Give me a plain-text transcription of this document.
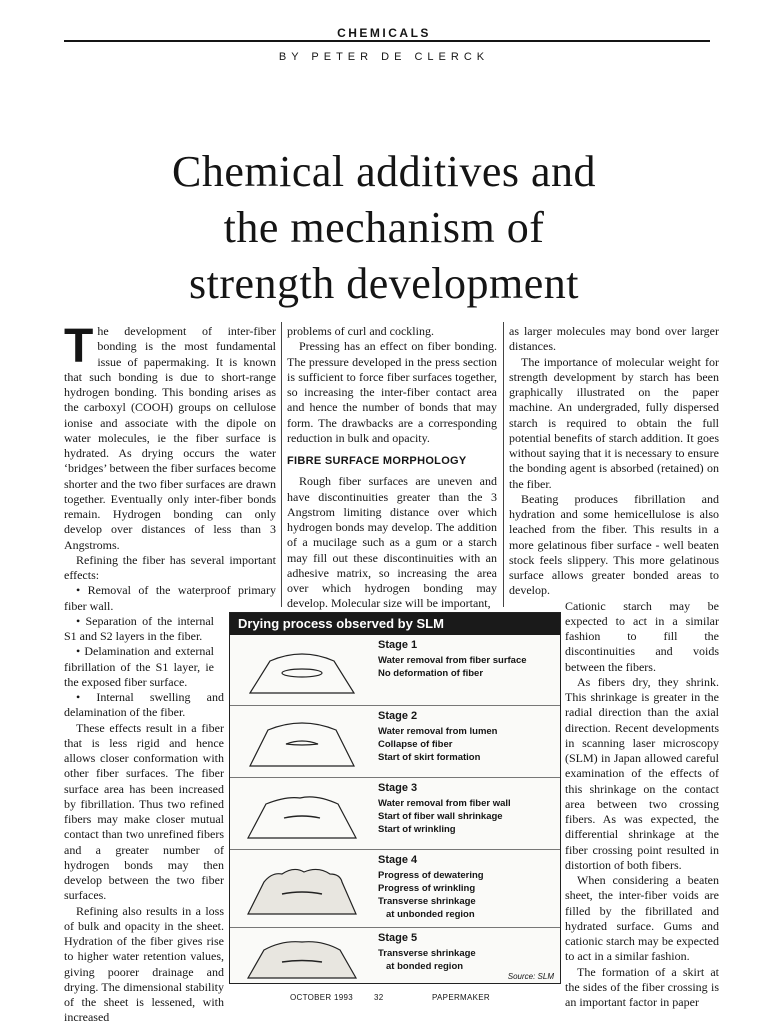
CHEMICALS
BY PETER DE CLERCK

Chemical additives and

the mechanism of

strength development

The development of inter-fiber bonding is the most fundamental issue of papermaking. It is known that such bonding is due to short-range hydrogen bonding. This bonding arises as the carboxyl (COOH) groups on cellulose ionise and associate with the dipole on water molecules, ie the fiber surface is hydrated. As drying occurs the water ‘bridges’ between the fiber surfaces become shorter and the two fiber surfaces are drawn together. Eventually only inter-fiber bonds remain. Hydrogen bonding can only develop over distances of less than 3 Angstroms.

Refining the fiber has several important effects:

• Removal of the waterproof primary fiber wall.

• Separation of the internal S1 and S2 layers in the fiber.

• Delamination and external fibrillation of the S1 layer, ie the exposed fiber surface.

• Internal swelling and delamination of the fiber.

These effects result in a fiber that is less rigid and hence allows closer conformation with other fiber surfaces. The fiber surface area has been increased by fibrillation. Thus two refined fibers may make closer mutual contact than two unrefined fibers and a greater number of hydrogen bonds may then develop between the two fiber surfaces.

Refining also results in a loss of bulk and opacity in the sheet. Hydration of the fiber gives rise to higher water retention values, giving poorer drainage and drying. The dimensional stability of the sheet is lessened, with increased

problems of curl and cockling.

Pressing has an effect on fiber bonding. The pressure developed in the press section is sufficient to force fiber surfaces together, so increasing the inter-fiber contact area and hence the number of bonds that may form. The drawbacks are a corresponding reduction in bulk and opacity.

FIBRE SURFACE MORPHOLOGY

Rough fiber surfaces are uneven and have discontinuities greater than the 3 Angstrom limiting distance over which hydrogen bonds may develop. The addition of a mucilage such as a gum or a starch may fill out these discontinuities with an adhesive matrix, so increasing the area over which hydrogen bonding may develop. Molecular size will be important,

as larger molecules may bond over larger distances.

The importance of molecular weight for strength development by starch has been graphically illustrated on the paper machine. An undergraded, fully dispersed starch is required to obtain the full potential benefits of starch addition. It goes without saying that it is necessary to ensure the bonding agent is absorbed (retained) on the fiber.

Beating produces fibrillation and hydration and some hemicellulose is also leached from the fiber. This results in a more gelatinous fiber surface - well beaten stock feels slippery. This more gelatinous surface allows greater bonded areas to develop.

Cationic starch may be expected to act in a similar fashion to fill the discontinuities and voids between the fibers.

As fibers dry, they shrink. This shrinkage is greater in the radial direction than the axial direction. Recent developments in scanning laser microscopy (SLM) in Japan allowed careful examination of the effects of this shrinkage on the contact area between two crossing fibers. As was expected, the differential shrinkage at the fiber crossing point resulted in distortion of both fibers.

When considering a beaten sheet, the inter-fiber voids are filled by the fibrillated and hydrated surface. Gums and cationic starch may be expected to act in a similar fashion.

The formation of a skirt at the sides of the fiber crossing is an important factor in paper

Drying process observed by SLM
Stage 1
Water removal from fiber surface
No deformation of fiber
Stage 2
Water removal from lumen
Collapse of fiber
Start of skirt formation
Stage 3
Water removal from fiber wall
Start of fiber wall shrinkage
Start of wrinkling
Stage 4
Progress of dewatering
Progress of wrinkling
Transverse shrinkage
at unbonded region
Stage 5
Transverse shrinkage
at bonded region
Source: SLM
OCTOBER 1993	32	PAPERMAKER
